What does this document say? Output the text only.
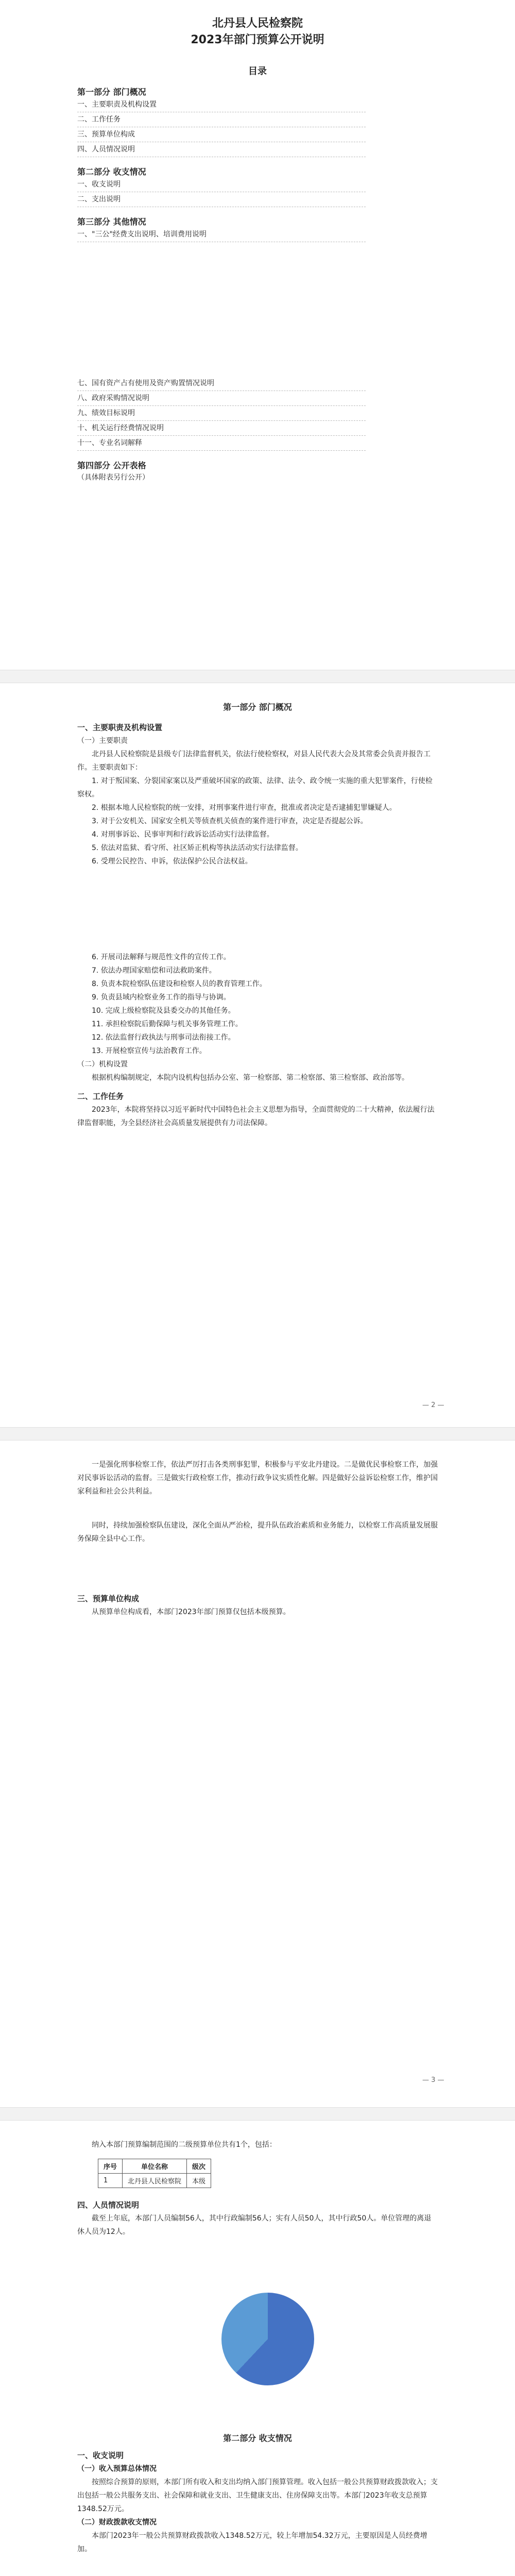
北丹县人民检察院
2023年部门预算公开说明
目录
第一部分 部门概况
一、主要职责及机构设置
二、工作任务
三、预算单位构成
四、人员情况说明
第二部分 收支情况
一、收支说明
二、支出说明
第三部分 其他情况
一、"三公"经费支出说明、培训费用说明
七、国有资产占有使用及资产购置情况说明
八、政府采购情况说明
九、绩效目标说明
十、机关运行经费情况说明
十一、专业名词解释
第四部分 公开表格
（具体附表另行公开）
第一部分 部门概况
一、主要职责及机构设置
（一）主要职责

北丹县人民检察院是县级专门法律监督机关，依法行使检察权，对县人民代表大会及其常委会负责并报告工作。主要职责如下：

1. 对于叛国案、分裂国家案以及严重破坏国家的政策、法律、法令、政令统一实施的重大犯罪案件，行使检察权。

2. 根据本地人民检察院的统一安排，对刑事案件进行审查，批准或者决定是否逮捕犯罪嫌疑人。

3. 对于公安机关、国家安全机关等侦查机关侦查的案件进行审查，决定是否提起公诉。

4. 对刑事诉讼、民事审判和行政诉讼活动实行法律监督。

5. 依法对监狱、看守所、社区矫正机构等执法活动实行法律监督。

6. 受理公民控告、申诉，依法保护公民合法权益。

6. 开展司法解释与规范性文件的宣传工作。

7. 依法办理国家赔偿和司法救助案件。

8. 负责本院检察队伍建设和检察人员的教育管理工作。

9. 负责县域内检察业务工作的指导与协调。

10. 完成上级检察院及县委交办的其他任务。

11. 承担检察院后勤保障与机关事务管理工作。

12. 依法监督行政执法与刑事司法衔接工作。

13. 开展检察宣传与法治教育工作。

（二）机构设置

根据机构编制规定，本院内设机构包括办公室、第一检察部、第二检察部、第三检察部、政治部等。

二、工作任务

2023年，本院将坚持以习近平新时代中国特色社会主义思想为指导，全面贯彻党的二十大精神，依法履行法律监督职能，为全县经济社会高质量发展提供有力司法保障。

— 2 —

一是强化刑事检察工作，依法严厉打击各类刑事犯罪，积极参与平安北丹建设。二是做优民事检察工作，加强对民事诉讼活动的监督。三是做实行政检察工作，推动行政争议实质性化解。四是做好公益诉讼检察工作，维护国家利益和社会公共利益。

同时，持续加强检察队伍建设，深化全面从严治检，提升队伍政治素质和业务能力，以检察工作高质量发展服务保障全县中心工作。

三、预算单位构成

从预算单位构成看，本部门2023年部门预算仅包括本级预算。

— 3 —

纳入本部门预算编制范围的二级预算单位共有1个，包括：

序号	单位名称	级次
1	北丹县人民检察院	本级
四、人员情况说明

截至上年底，本部门人员编制56人，其中行政编制56人；实有人员50人，其中行政50人。单位管理的离退休人员为12人。

第二部分 收支情况
一、收支说明
（一）收入预算总体情况

按照综合预算的原则，本部门所有收入和支出均纳入部门预算管理。收入包括一般公共预算财政拨款收入；支出包括一般公共服务支出、社会保障和就业支出、卫生健康支出、住房保障支出等。本部门2023年收支总预算1348.52万元。

（二）财政拨款收支情况

本部门2023年一般公共预算财政拨款收入1348.52万元，较上年增加54.32万元，主要原因是人员经费增加。
